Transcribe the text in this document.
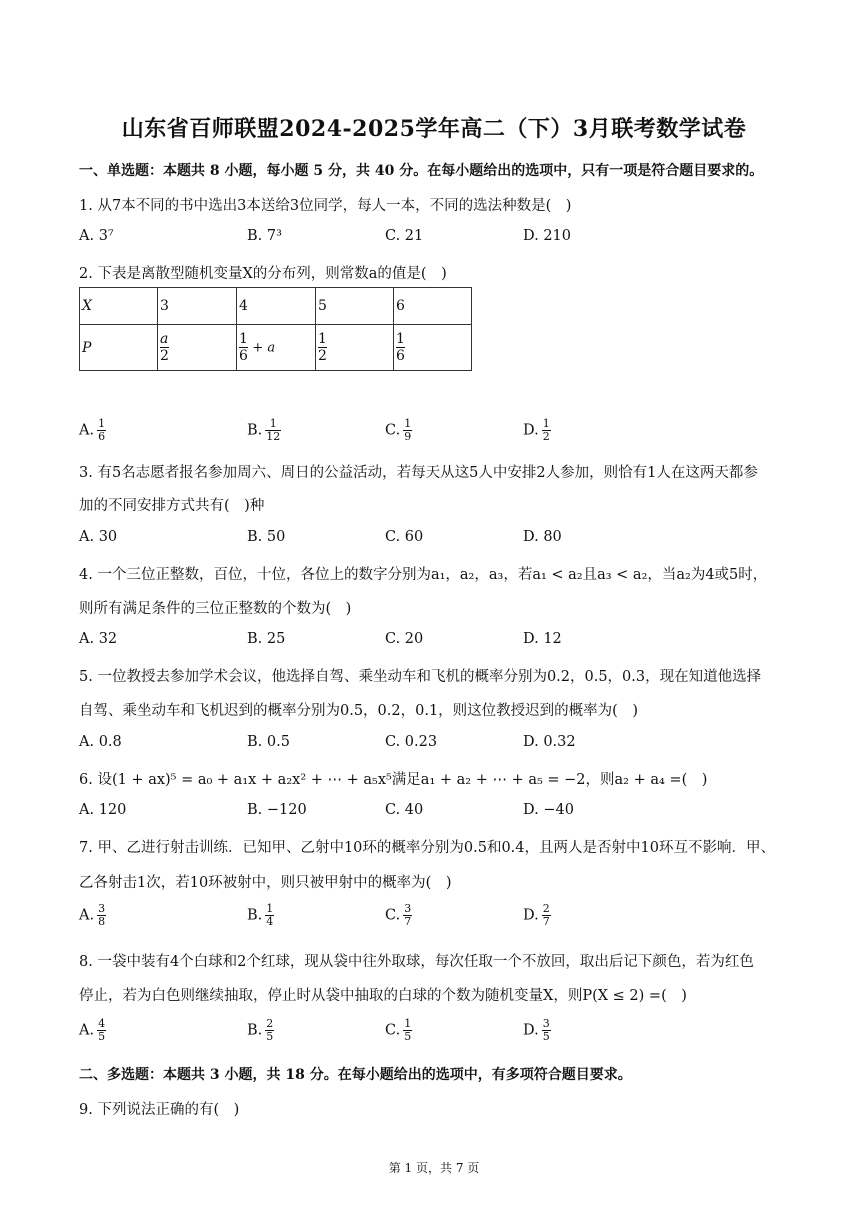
山东省百师联盟2024-2025学年高二（下）3月联考数学试卷
一、单选题：本题共 8 小题，每小题 5 分，共 40 分。在每小题给出的选项中，只有一项是符合题目要求的。
1. 从7本不同的书中选出3本送给3位同学，每人一本，不同的选法种数是(　)
A. 3⁷	B. 7³	C. 21	D. 210
2. 下表是离散型随机变量X的分布列，则常数a的值是(　)
X	3	4	5	6
P	$\frac{a}{2}$	$\frac{1}{6} + a$	$\frac{1}{2}$	$\frac{1}{6}$
A. $\frac{1}{6}$	B. $\frac{1}{12}$	C. $\frac{1}{9}$	D. $\frac{1}{2}$
3. 有5名志愿者报名参加周六、周日的公益活动，若每天从这5人中安排2人参加，则恰有1人在这两天都参
加的不同安排方式共有(　)种
A. 30	B. 50	C. 60	D. 80
4. 一个三位正整数，百位，十位，各位上的数字分别为a₁，a₂，a₃，若a₁ < a₂且a₃ < a₂，当a₂为4或5时，
则所有满足条件的三位正整数的个数为(　)
A. 32	B. 25	C. 20	D. 12
5. 一位教授去参加学术会议，他选择自驾、乘坐动车和飞机的概率分别为0.2，0.5，0.3，现在知道他选择
自驾、乘坐动车和飞机迟到的概率分别为0.5，0.2，0.1，则这位教授迟到的概率为(　)
A. 0.8	B. 0.5	C. 0.23	D. 0.32
6. 设(1 + ax)⁵ = a₀ + a₁x + a₂x² + ⋯ + a₅x⁵满足a₁ + a₂ + ⋯ + a₅ = −2，则a₂ + a₄ =(　)
A. 120	B. −120	C. 40	D. −40
7. 甲、乙进行射击训练．已知甲、乙射中10环的概率分别为0.5和0.4，且两人是否射中10环互不影响．甲、
乙各射击1次，若10环被射中，则只被甲射中的概率为(　)
A. $\frac{3}{8}$	B. $\frac{1}{4}$	C. $\frac{3}{7}$	D. $\frac{2}{7}$
8. 一袋中装有4个白球和2个红球，现从袋中往外取球，每次任取一个不放回，取出后记下颜色，若为红色
停止，若为白色则继续抽取，停止时从袋中抽取的白球的个数为随机变量X，则P(X ≤ 2) =(　)
A. $\frac{4}{5}$	B. $\frac{2}{5}$	C. $\frac{1}{5}$	D. $\frac{3}{5}$
二、多选题：本题共 3 小题，共 18 分。在每小题给出的选项中，有多项符合题目要求。
9. 下列说法正确的有(　)
第 1 页，共 7 页
